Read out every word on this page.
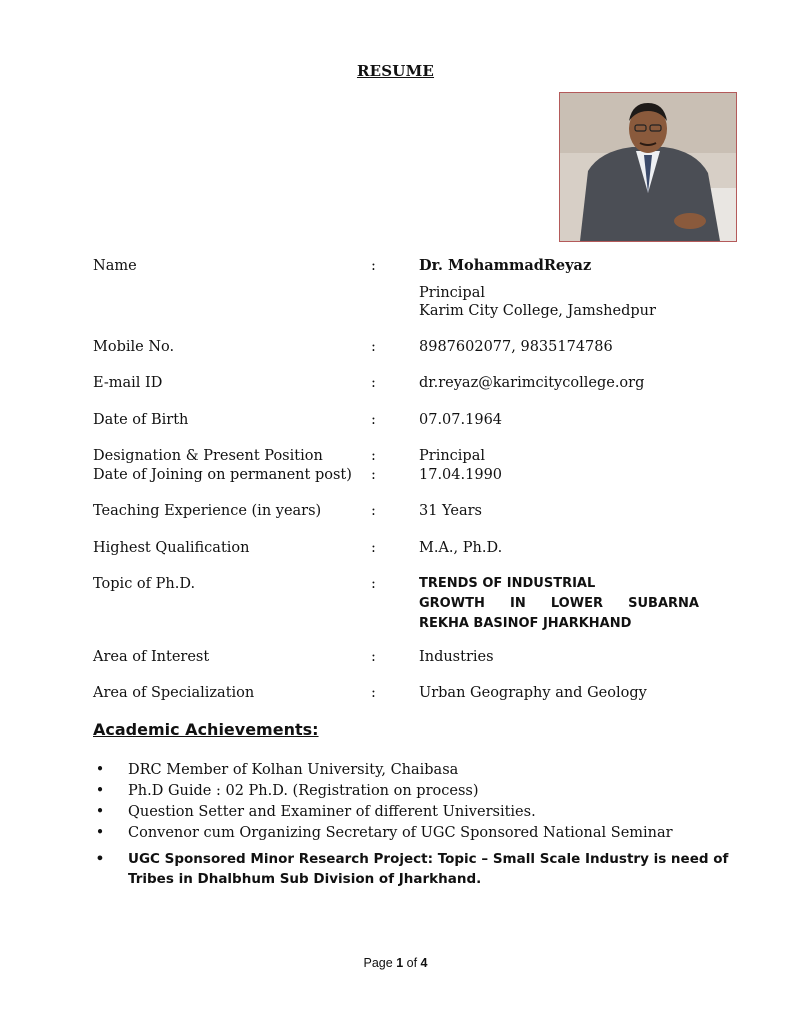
RESUME
Name	:	Dr. MohammadReyaz
Principal
Karim City College, Jamshedpur
Mobile No.	:	8987602077, 9835174786
E-mail ID	:	dr.reyaz@karimcitycollege.org
Date of Birth	:	07.07.1964
Designation & Present Position	:	Principal
Date of Joining on permanent post) :	17.04.1990
Teaching Experience (in years)	:	31 Years
Highest Qualification	:	M.A., Ph.D.
Topic of Ph.D.	:	TRENDS OF INDUSTRIAL
GROWTH IN LOWER SUBARNA
REKHA BASINOF JHARKHAND
Area of Interest	:	Industries
Area of Specialization	:	Urban Geography and Geology
Academic Achievements:
• DRC Member of Kolhan University, Chaibasa
• Ph.D Guide : 02 Ph.D. (Registration on process)
• Question Setter and Examiner of different Universities.
• Convenor cum Organizing Secretary of UGC Sponsored National Seminar
• UGC Sponsored Minor Research Project: Topic – Small Scale Industry is need of Tribes in Dhalbhum Sub Division of Jharkhand.
Page 1 of 4
